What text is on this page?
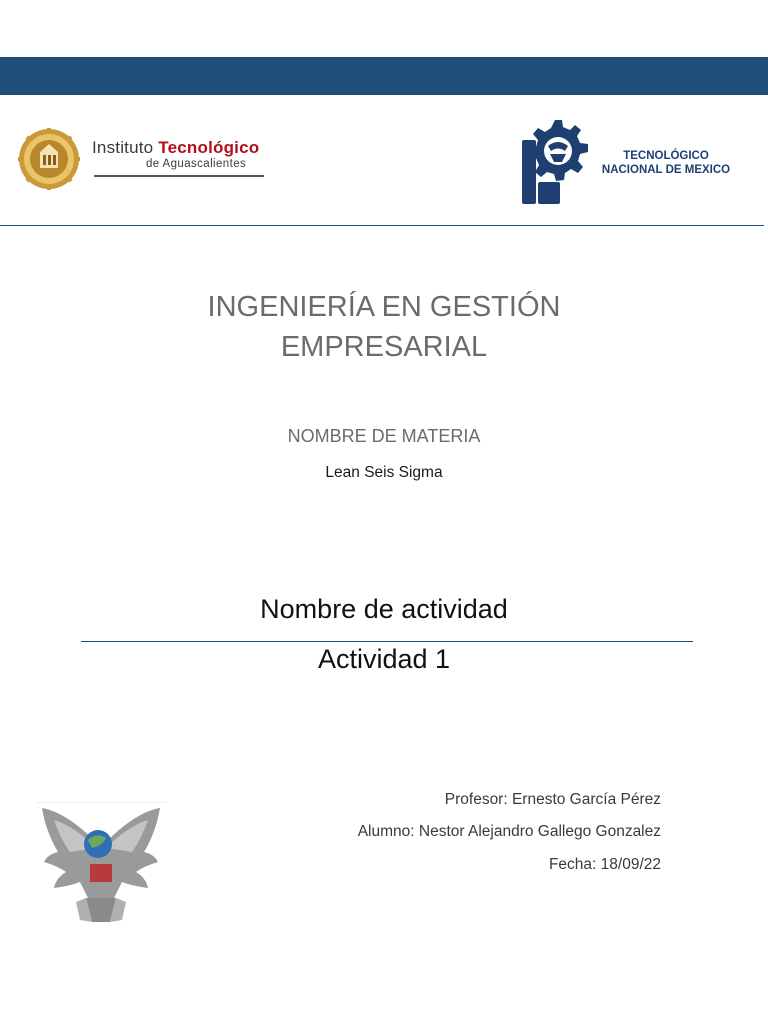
Instituto Tecnológico
de Aguascalientes
TECNOLÓGICO
NACIONAL DE MEXICO
INGENIERÍA EN GESTIÓN
EMPRESARIAL
NOMBRE DE MATERIA
Lean Seis Sigma
Nombre de actividad
Actividad 1
Profesor: Ernesto García Pérez
Alumno: Nestor Alejandro Gallego Gonzalez
Fecha: 18/09/22
